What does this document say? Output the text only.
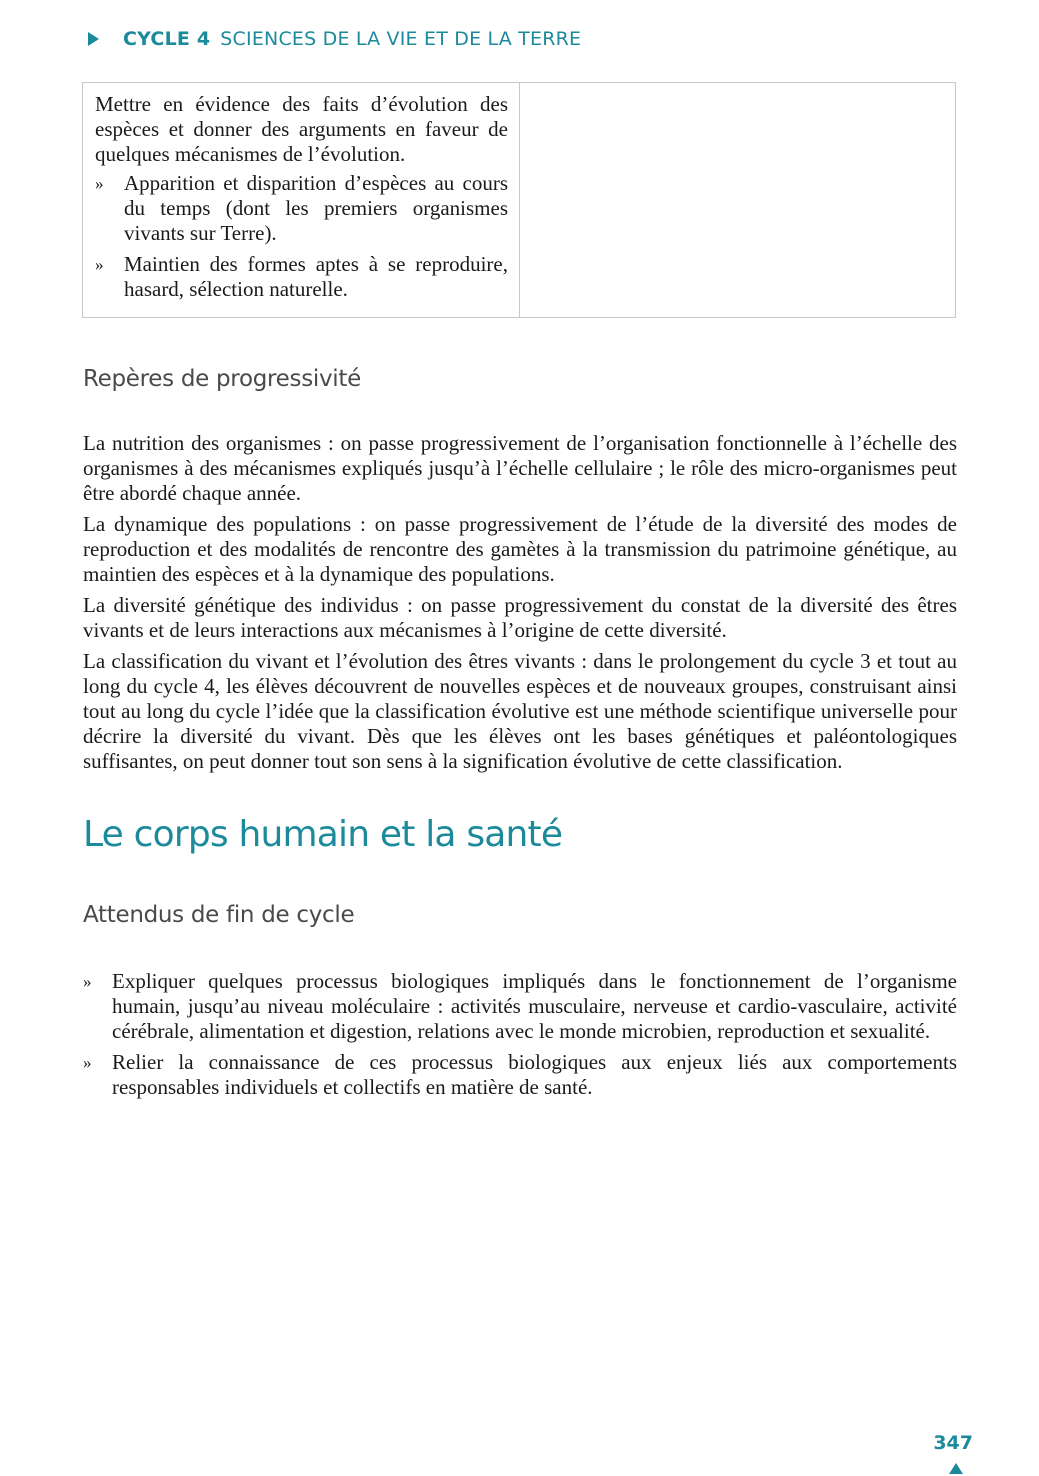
CYCLE 4 SCIENCES DE LA VIE ET DE LA TERRE

Mettre en évidence des faits d’évolution des espèces et donner des arguments en faveur de quelques mécanismes de l’évolution.

» Apparition et disparition d’espèces au cours du temps (dont les premiers organismes vivants sur Terre).
» Maintien des formes aptes à se reproduire, hasard, sélection naturelle.
Repères de progressivité

La nutrition des organismes : on passe progressivement de l’organisation fonctionnelle à l’échelle des organismes à des mécanismes expliqués jusqu’à l’échelle cellulaire ; le rôle des micro-organismes peut être abordé chaque année.

La dynamique des populations : on passe progressivement de l’étude de la diversité des modes de reproduction et des modalités de rencontre des gamètes à la transmission du patrimoine génétique, au maintien des espèces et à la dynamique des populations.

La diversité génétique des individus : on passe progressivement du constat de la diversité des êtres vivants et de leurs interactions aux mécanismes à l’origine de cette diversité.

La classification du vivant et l’évolution des êtres vivants : dans le prolongement du cycle 3 et tout au long du cycle 4, les élèves découvrent de nouvelles espèces et de nouveaux groupes, construisant ainsi tout au long du cycle l’idée que la classification évolutive est une méthode scientifique universelle pour décrire la diversité du vivant. Dès que les élèves ont les bases génétiques et paléontologiques suffisantes, on peut donner tout son sens à la signification évolutive de cette classification.

Le corps humain et la santé
Attendus de fin de cycle
» Expliquer quelques processus biologiques impliqués dans le fonctionnement de l’organisme humain, jusqu’au niveau moléculaire : activités musculaire, nerveuse et cardio-vasculaire, activité cérébrale, alimentation et digestion, relations avec le monde microbien, reproduction et sexualité.
» Relier la connaissance de ces processus biologiques aux enjeux liés aux comportements responsables individuels et collectifs en matière de santé.
347
